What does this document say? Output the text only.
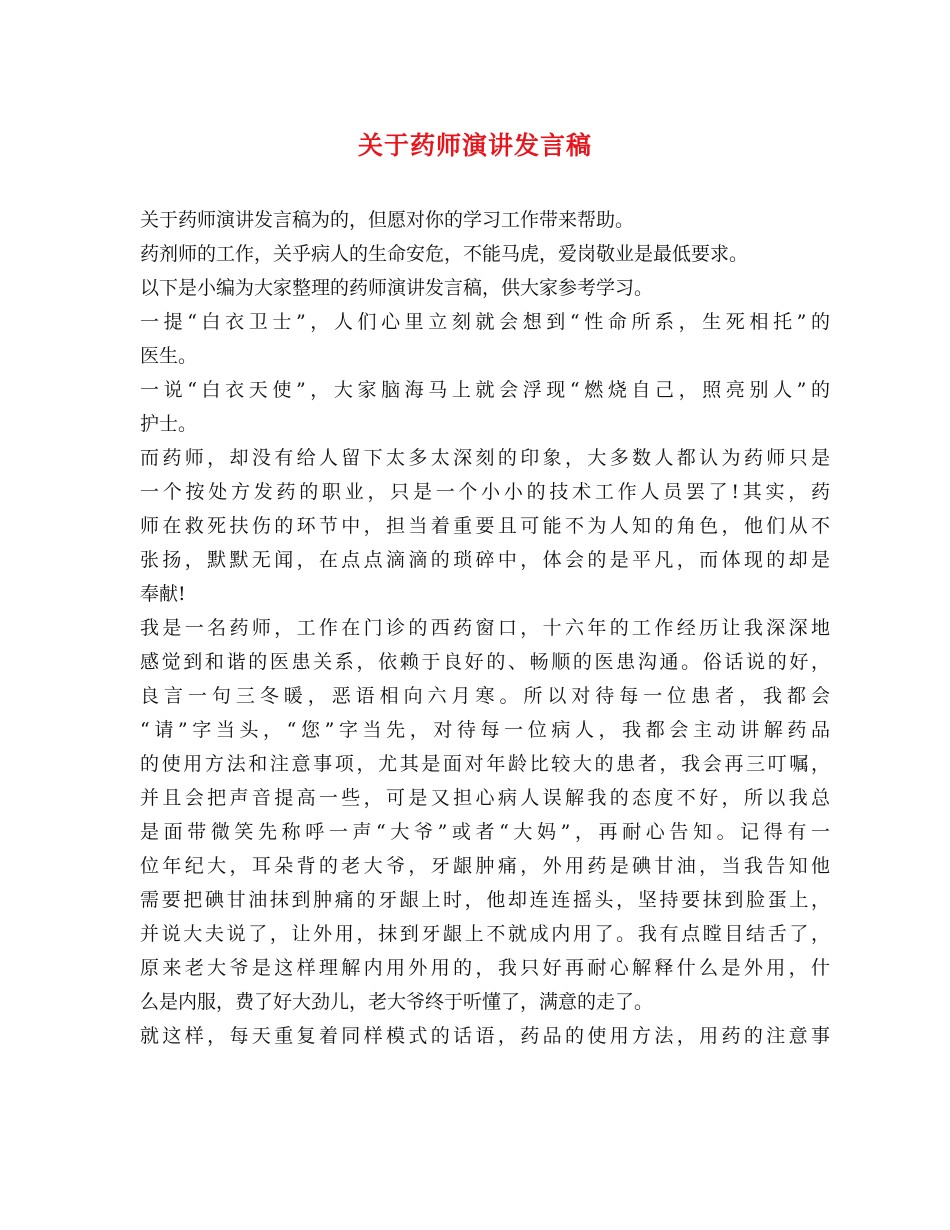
关于药师演讲发言稿
关于药师演讲发言稿为的，但愿对你的学习工作带来帮助。
药剂师的工作，关乎病人的生命安危，不能马虎，爱岗敬业是最低要求。
以下是小编为大家整理的药师演讲发言稿，供大家参考学习。
一提“白衣卫士”，人们心里立刻就会想到“性命所系，生死相托”的
医生。
一说“白衣天使”，大家脑海马上就会浮现“燃烧自己，照亮别人”的
护士。
而药师，却没有给人留下太多太深刻的印象，大多数人都认为药师只是
一个按处方发药的职业，只是一个小小的技术工作人员罢了!其实，药
师在救死扶伤的环节中，担当着重要且可能不为人知的角色，他们从不
张扬，默默无闻，在点点滴滴的琐碎中，体会的是平凡，而体现的却是
奉献!
我是一名药师，工作在门诊的西药窗口，十六年的工作经历让我深深地
感觉到和谐的医患关系，依赖于良好的、畅顺的医患沟通。俗话说的好，
良言一句三冬暖，恶语相向六月寒。所以对待每一位患者，我都会
“请”字当头，“您”字当先，对待每一位病人，我都会主动讲解药品
的使用方法和注意事项，尤其是面对年龄比较大的患者，我会再三叮嘱，
并且会把声音提高一些，可是又担心病人误解我的态度不好，所以我总
是面带微笑先称呼一声“大爷”或者“大妈”，再耐心告知。记得有一
位年纪大，耳朵背的老大爷，牙龈肿痛，外用药是碘甘油，当我告知他
需要把碘甘油抹到肿痛的牙龈上时，他却连连摇头，坚持要抹到脸蛋上，
并说大夫说了，让外用，抹到牙龈上不就成内用了。我有点瞠目结舌了，
原来老大爷是这样理解内用外用的，我只好再耐心解释什么是外用，什
么是内服，费了好大劲儿，老大爷终于听懂了，满意的走了。
就这样，每天重复着同样模式的话语，药品的使用方法，用药的注意事
